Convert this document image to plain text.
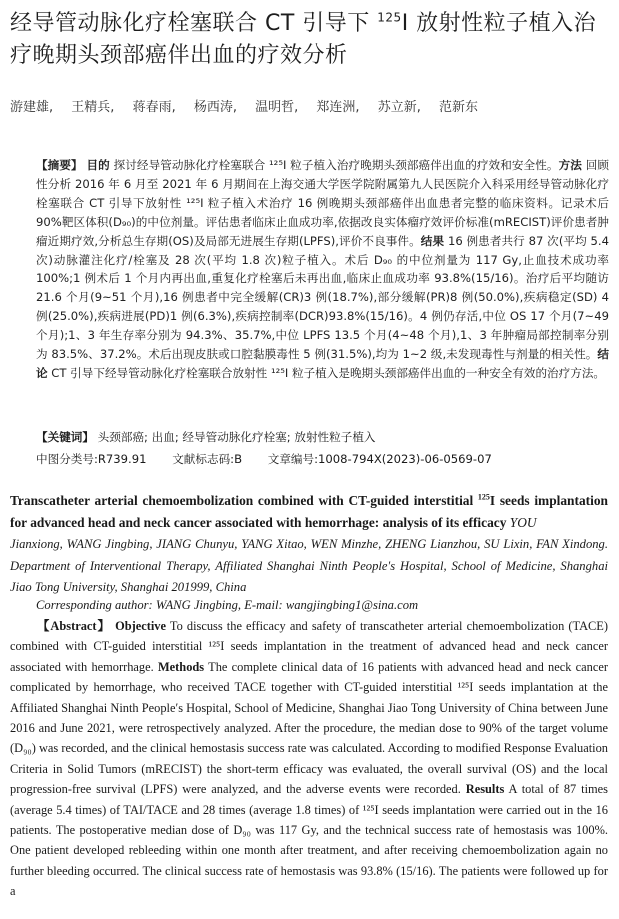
经导管动脉化疗栓塞联合 CT 引导下 $^{125}$I 放射性粒子植入治疗晚期头颈部癌伴出血的疗效分析
游建雄, 王精兵, 蒋春雨, 杨西涛, 温明哲, 郑连洲, 苏立新, 范新东
【摘要】 目的 探讨经导管动脉化疗栓塞联合 ¹²⁵I 粒子植入治疗晚期头颈部癌伴出血的疗效和安全性。方法 回顾性分析 2016 年 6 月至 2021 年 6 月期间在上海交通大学医学院附属第九人民医院介入科采用经导管动脉化疗栓塞联合 CT 引导下放射性 ¹²⁵I 粒子植入术治疗 16 例晚期头颈部癌伴出血患者完整的临床资料。记录术后 90%靶区体积(D₉₀)的中位剂量。评估患者临床止血成功率,依据改良实体瘤疗效评价标准(mRECIST)评价患者肿瘤近期疗效,分析总生存期(OS)及局部无进展生存期(LPFS),评价不良事件。结果 16 例患者共行 87 次(平均 5.4 次)动脉灌注化疗/栓塞及 28 次(平均 1.8 次)粒子植入。术后 D₉₀ 的中位剂量为 117 Gy,止血技术成功率 100%;1 例术后 1 个月内再出血,重复化疗栓塞后未再出血,临床止血成功率 93.8%(15/16)。治疗后平均随访 21.6 个月(9~51 个月),16 例患者中完全缓解(CR)3 例(18.7%),部分缓解(PR)8 例(50.0%),疾病稳定(SD) 4 例(25.0%),疾病进展(PD)1 例(6.3%),疾病控制率(DCR)93.8%(15/16)。4 例仍存活,中位 OS 17 个月(7~49 个月);1、3 年生存率分别为 94.3%、35.7%,中位 LPFS 13.5 个月(4~48 个月),1、3 年肿瘤局部控制率分别为 83.5%、37.2%。术后出现皮肤或口腔黏膜毒性 5 例(31.5%),均为 1~2 级,未发现毒性与剂量的相关性。结论 CT 引导下经导管动脉化疗栓塞联合放射性 ¹²⁵I 粒子植入是晚期头颈部癌伴出血的一种安全有效的治疗方法。
【关键词】 头颈部癌; 出血; 经导管动脉化疗栓塞; 放射性粒子植入
中图分类号:R739.91 文献标志码:B 文章编号:1008-794X(2023)-06-0569-07
Transcatheter arterial chemoembolization combined with CT-guided interstitial $^{125}$I seeds implantation for advanced head and neck cancer associated with hemorrhage: analysis of its efficacy YOU
Jianxiong, WANG Jingbing, JIANG Chunyu, YANG Xitao, WEN Minzhe, ZHENG Lianzhou, SU Lixin, FAN Xindong. Department of Interventional Therapy, Affiliated Shanghai Ninth People′s Hospital, School of Medicine, Shanghai Jiao Tong University, Shanghai 201999, China
Corresponding author: WANG Jingbing, E-mail: wangjingbing1@sina.com
【Abstract】 Objective To discuss the efficacy and safety of transcatheter arterial chemoembolization (TACE) combined with CT-guided interstitial ¹²⁵I seeds implantation in the treatment of advanced head and neck cancer associated with hemorrhage. Methods The complete clinical data of 16 patients with advanced head and neck cancer complicated by hemorrhage, who received TACE together with CT-guided interstitial ¹²⁵I seeds implantation at the Affiliated Shanghai Ninth People′s Hospital, School of Medicine, Shanghai Jiao Tong University of China between June 2016 and June 2021, were retrospectively analyzed. After the procedure, the median dose to 90% of the target volume (D₉₀) was recorded, and the clinical hemostasis success rate was calculated. According to modified Response Evaluation Criteria in Solid Tumors (mRECIST) the short-term efficacy was evaluated, the overall survival (OS) and the local progression-free survival (LPFS) were analyzed, and the adverse events were recorded. Results A total of 87 times (average 5.4 times) of TAI/TACE and 28 times (average 1.8 times) of ¹²⁵I seeds implantation were carried out in the 16 patients. The postoperative median dose of D₉₀ was 117 Gy, and the technical success rate of hemostasis was 100%. One patient developed rebleeding within one month after treatment, and after receiving chemoembolization again no further bleeding occurred. The clinical success rate of hemostasis was 93.8% (15/16). The patients were followed up for a
